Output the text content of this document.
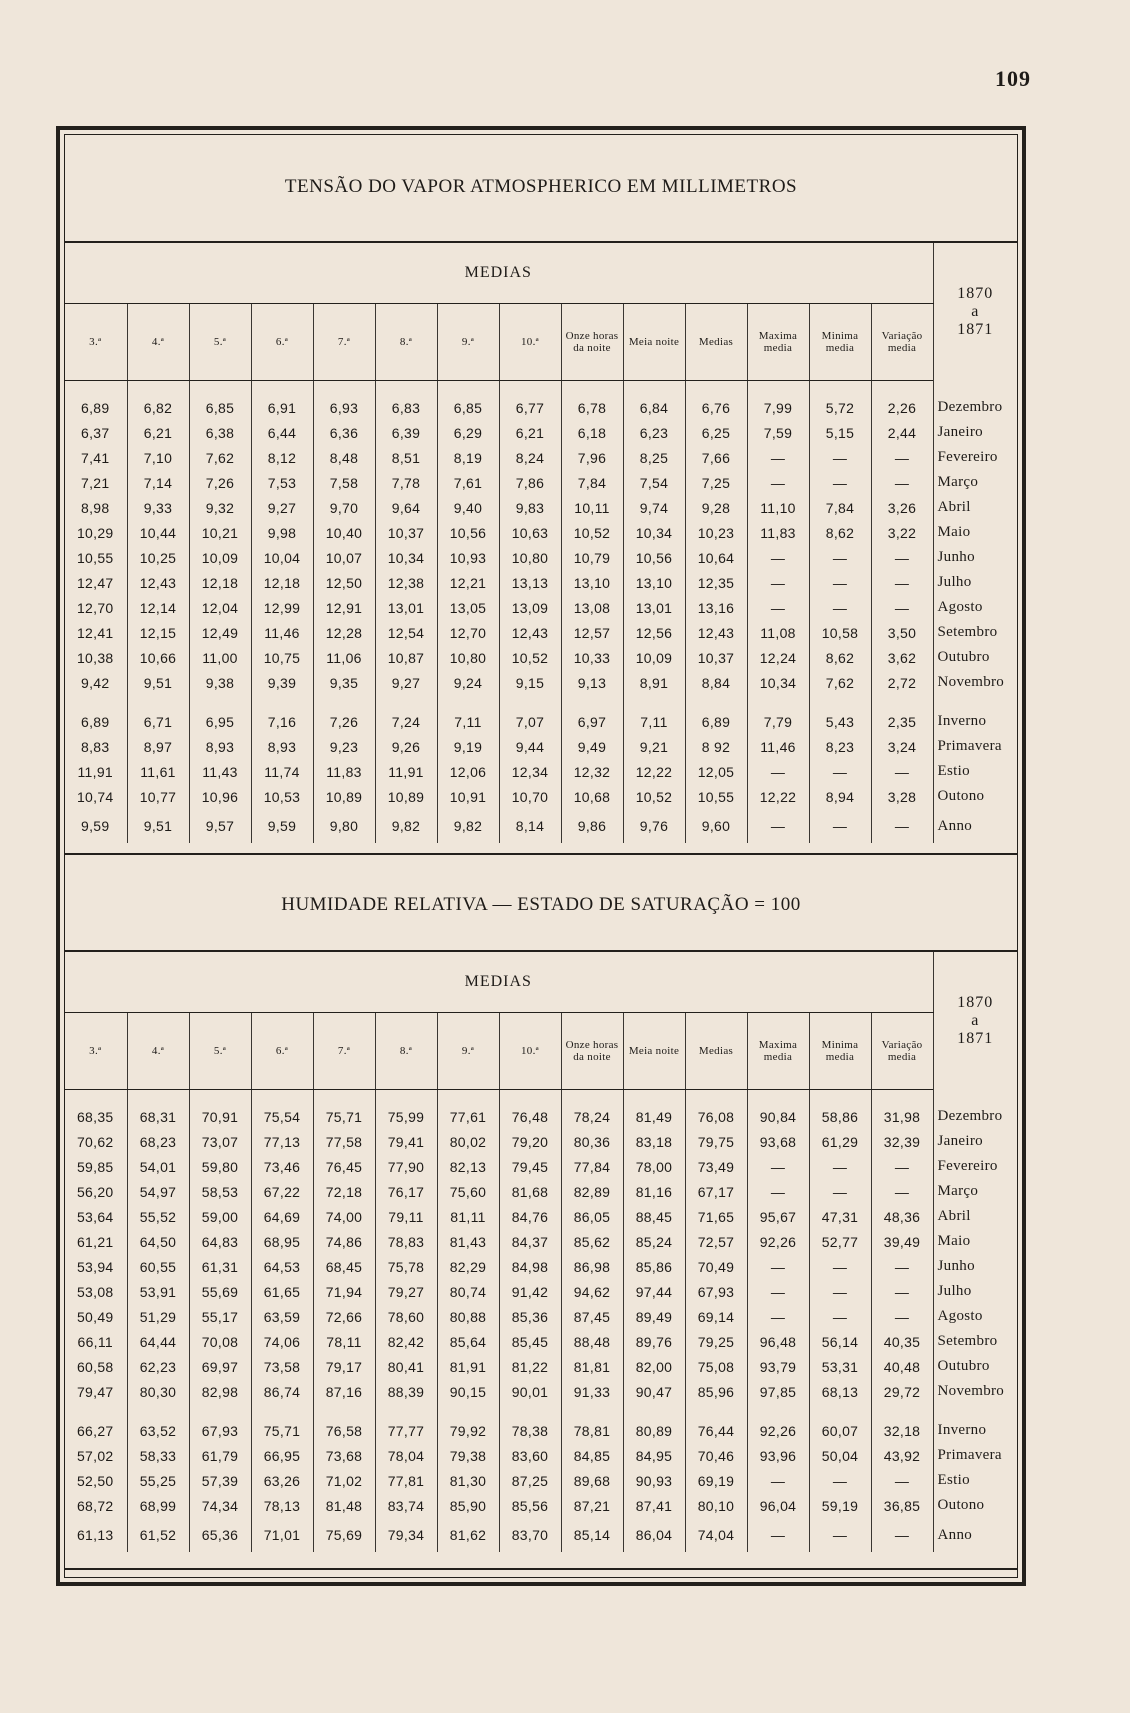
109
TENSÃO DO VAPOR ATMOSPHERICO EM MILLIMETROS
MEDIAS														1870
a
1871

3.ª	4.ª	5.ª	6.ª	7.ª	8.ª	9.ª	10.ª	Onze horas da noite	Meia noite	Medias	Maxima media	Minima media	Variação media	

6,89	6,82	6,85	6,91	6,93	6,83	6,85	6,77	6,78	6,84	6,76	7,99	5,72	2,26	Dezembro
6,37	6,21	6,38	6,44	6,36	6,39	6,29	6,21	6,18	6,23	6,25	7,59	5,15	2,44	Janeiro
7,41	7,10	7,62	8,12	8,48	8,51	8,19	8,24	7,96	8,25	7,66	—	—	—	Fevereiro
7,21	7,14	7,26	7,53	7,58	7,78	7,61	7,86	7,84	7,54	7,25	—	—	—	Março
8,98	9,33	9,32	9,27	9,70	9,64	9,40	9,83	10,11	9,74	9,28	11,10	7,84	3,26	Abril
10,29	10,44	10,21	9,98	10,40	10,37	10,56	10,63	10,52	10,34	10,23	11,83	8,62	3,22	Maio
10,55	10,25	10,09	10,04	10,07	10,34	10,93	10,80	10,79	10,56	10,64	—	—	—	Junho
12,47	12,43	12,18	12,18	12,50	12,38	12,21	13,13	13,10	13,10	12,35	—	—	—	Julho
12,70	12,14	12,04	12,99	12,91	13,01	13,05	13,09	13,08	13,01	13,16	—	—	—	Agosto
12,41	12,15	12,49	11,46	12,28	12,54	12,70	12,43	12,57	12,56	12,43	11,08	10,58	3,50	Setembro
10,38	10,66	11,00	10,75	11,06	10,87	10,80	10,52	10,33	10,09	10,37	12,24	8,62	3,62	Outubro
9,42	9,51	9,38	9,39	9,35	9,27	9,24	9,15	9,13	8,91	8,84	10,34	7,62	2,72	Novembro

6,89	6,71	6,95	7,16	7,26	7,24	7,11	7,07	6,97	7,11	6,89	7,79	5,43	2,35	Inverno
8,83	8,97	8,93	8,93	9,23	9,26	9,19	9,44	9,49	9,21	8 92	11,46	8,23	3,24	Primavera
11,91	11,61	11,43	11,74	11,83	11,91	12,06	12,34	12,32	12,22	12,05	—	—	—	Estio
10,74	10,77	10,96	10,53	10,89	10,89	10,91	10,70	10,68	10,52	10,55	12,22	8,94	3,28	Outono
9,59	9,51	9,57	9,59	9,80	9,82	9,82	8,14	9,86	9,76	9,60	—	—	—	Anno
HUMIDADE RELATIVA — ESTADO DE SATURAÇÃO = 100
MEDIAS														1870
a
1871

3.ª	4.ª	5.ª	6.ª	7.ª	8.ª	9.ª	10.ª	Onze horas da noite	Meia noite	Medias	Maxima media	Minima media	Variação media	

68,35	68,31	70,91	75,54	75,71	75,99	77,61	76,48	78,24	81,49	76,08	90,84	58,86	31,98	Dezembro
70,62	68,23	73,07	77,13	77,58	79,41	80,02	79,20	80,36	83,18	79,75	93,68	61,29	32,39	Janeiro
59,85	54,01	59,80	73,46	76,45	77,90	82,13	79,45	77,84	78,00	73,49	—	—	—	Fevereiro
56,20	54,97	58,53	67,22	72,18	76,17	75,60	81,68	82,89	81,16	67,17	—	—	—	Março
53,64	55,52	59,00	64,69	74,00	79,11	81,11	84,76	86,05	88,45	71,65	95,67	47,31	48,36	Abril
61,21	64,50	64,83	68,95	74,86	78,83	81,43	84,37	85,62	85,24	72,57	92,26	52,77	39,49	Maio
53,94	60,55	61,31	64,53	68,45	75,78	82,29	84,98	86,98	85,86	70,49	—	—	—	Junho
53,08	53,91	55,69	61,65	71,94	79,27	80,74	91,42	94,62	97,44	67,93	—	—	—	Julho
50,49	51,29	55,17	63,59	72,66	78,60	80,88	85,36	87,45	89,49	69,14	—	—	—	Agosto
66,11	64,44	70,08	74,06	78,11	82,42	85,64	85,45	88,48	89,76	79,25	96,48	56,14	40,35	Setembro
60,58	62,23	69,97	73,58	79,17	80,41	81,91	81,22	81,81	82,00	75,08	93,79	53,31	40,48	Outubro
79,47	80,30	82,98	86,74	87,16	88,39	90,15	90,01	91,33	90,47	85,96	97,85	68,13	29,72	Novembro

66,27	63,52	67,93	75,71	76,58	77,77	79,92	78,38	78,81	80,89	76,44	92,26	60,07	32,18	Inverno
57,02	58,33	61,79	66,95	73,68	78,04	79,38	83,60	84,85	84,95	70,46	93,96	50,04	43,92	Primavera
52,50	55,25	57,39	63,26	71,02	77,81	81,30	87,25	89,68	90,93	69,19	—	—	—	Estio
68,72	68,99	74,34	78,13	81,48	83,74	85,90	85,56	87,21	87,41	80,10	96,04	59,19	36,85	Outono
61,13	61,52	65,36	71,01	75,69	79,34	81,62	83,70	85,14	86,04	74,04	—	—	—	Anno
